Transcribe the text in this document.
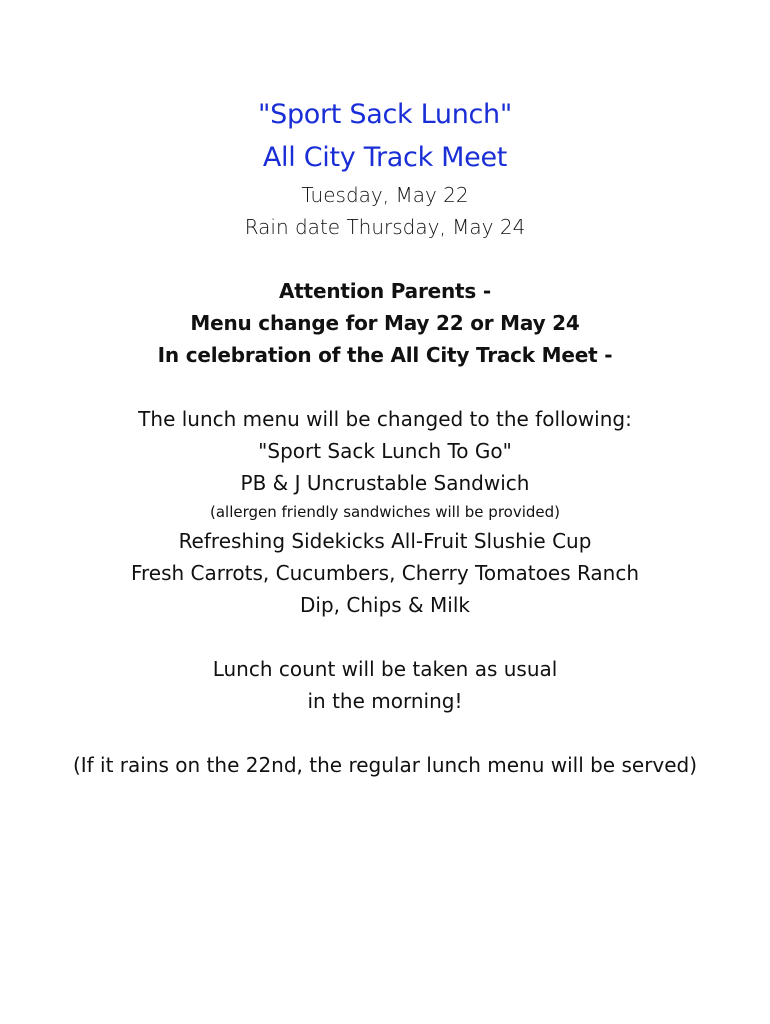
"Sport Sack Lunch"
All City Track Meet
Tuesday, May 22
Rain date Thursday, May 24
Attention Parents -
Menu change for May 22 or May 24
In celebration of the All City Track Meet -
The lunch menu will be changed to the following:
"Sport Sack Lunch To Go"
PB & J Uncrustable Sandwich
(allergen friendly sandwiches will be provided)
Refreshing Sidekicks All-Fruit Slushie Cup
Fresh Carrots, Cucumbers, Cherry Tomatoes Ranch
Dip, Chips & Milk
Lunch count will be taken as usual
in the morning!
(If it rains on the 22nd, the regular lunch menu will be served)
